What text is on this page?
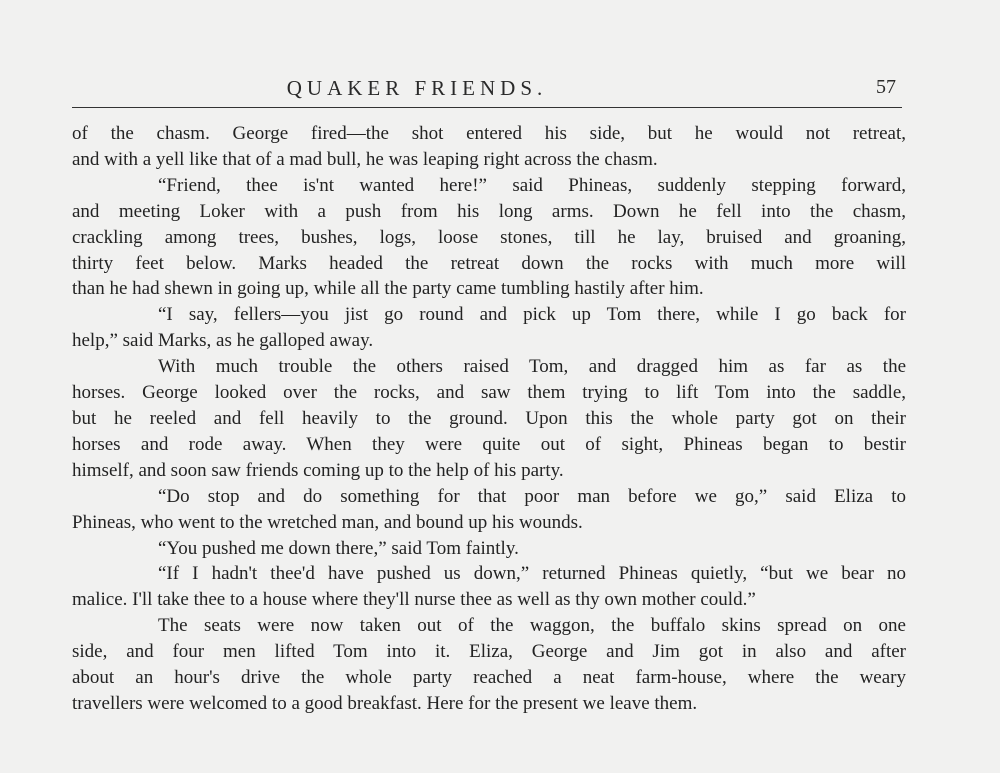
QUAKER FRIENDS.	57
of the chasm. George fired—the shot entered his side, but he would not retreat,
and with a yell like that of a mad bull, he was leaping right across the chasm.
“Friend, thee is'nt wanted here!” said Phineas, suddenly stepping forward,
and meeting Loker with a push from his long arms. Down he fell into the chasm,
crackling among trees, bushes, logs, loose stones, till he lay, bruised and groaning,
thirty feet below. Marks headed the retreat down the rocks with much more will
than he had shewn in going up, while all the party came tumbling hastily after him.
“I say, fellers—you jist go round and pick up Tom there, while I go back for
help,” said Marks, as he galloped away.
With much trouble the others raised Tom, and dragged him as far as the
horses. George looked over the rocks, and saw them trying to lift Tom into the saddle,
but he reeled and fell heavily to the ground. Upon this the whole party got on their
horses and rode away. When they were quite out of sight, Phineas began to bestir
himself, and soon saw friends coming up to the help of his party.
“Do stop and do something for that poor man before we go,” said Eliza to
Phineas, who went to the wretched man, and bound up his wounds.
“You pushed me down there,” said Tom faintly.
“If I hadn't thee'd have pushed us down,” returned Phineas quietly, “but we bear no
malice. I'll take thee to a house where they'll nurse thee as well as thy own mother could.”
The seats were now taken out of the waggon, the buffalo skins spread on one
side, and four men lifted Tom into it. Eliza, George and Jim got in also and after
about an hour's drive the whole party reached a neat farm-house, where the weary
travellers were welcomed to a good breakfast. Here for the present we leave them.
